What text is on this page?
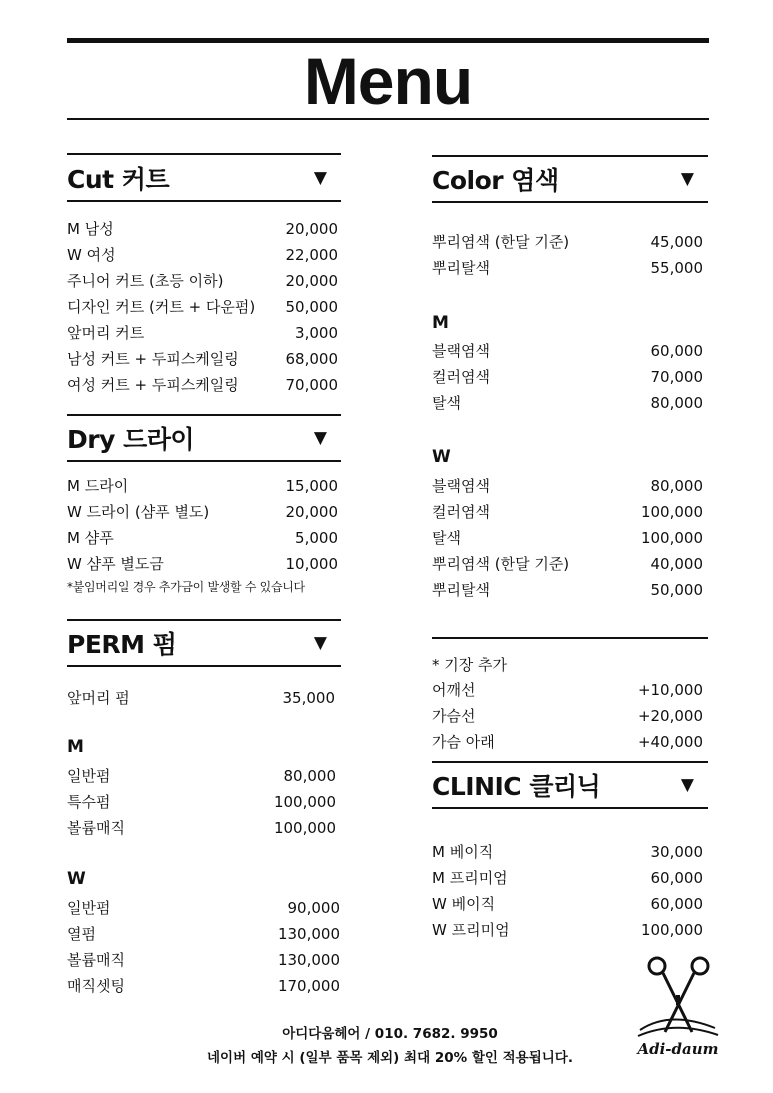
Menu
Cut 커트	▼
M 남성	20,000
W 여성	22,000
주니어 커트 (초등 이하)	20,000
디자인 커트 (커트 + 다운펌) 50,000
앞머리 커트	3,000
남성 커트 + 두피스케일링	68,000
여성 커트 + 두피스케일링	70,000
Dry 드라이	▼
M 드라이	15,000
W 드라이 (샴푸 별도)	20,000
M 샴푸	5,000
W 샴푸 별도금	10,000
*붙임머리일 경우 추가금이 발생할 수 있습니다
PERM 펌	▼
앞머리 펌	35,000
M
일반펌	80,000
특수펌	100,000
볼륨매직	100,000
W
일반펌	90,000
열펌	130,000
볼륨매직	130,000
매직셋팅	170,000
Color 염색	▼
뿌리염색 (한달 기준)	45,000
뿌리탈색	55,000
M
블랙염색	60,000
컬러염색	70,000
탈색	80,000
W
블랙염색	80,000
컬러염색	100,000
탈색	100,000
뿌리염색 (한달 기준)	40,000
뿌리탈색	50,000
* 기장 추가
어깨선	+10,000
가슴선	+20,000
가슴 아래	+40,000
CLINIC 클리닉	▼
M 베이직	30,000
M 프리미엄	60,000
W 베이직	60,000
W 프리미엄	100,000
아디다움헤어 / 010. 7682. 9950
네이버 예약 시 (일부 품목 제외) 최대 20% 할인 적용됩니다.	Adi-daum
